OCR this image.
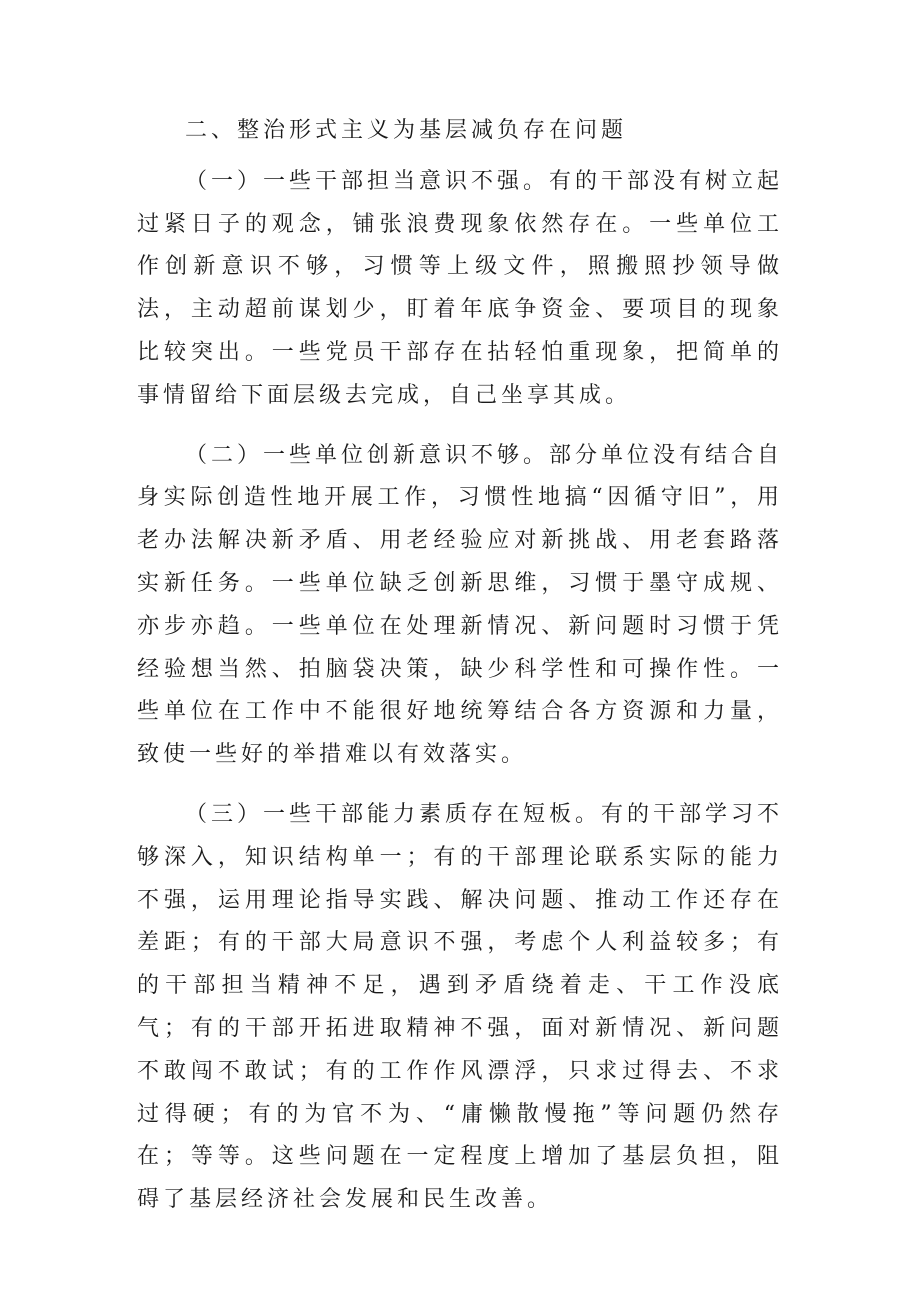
二、整治形式主义为基层减负存在问题

（一）一些干部担当意识不强。有的干部没有树立起过紧日子的观念，铺张浪费现象依然存在。一些单位工作创新意识不够，习惯等上级文件，照搬照抄领导做法，主动超前谋划少，盯着年底争资金、要项目的现象比较突出。一些党员干部存在拈轻怕重现象，把简单的事情留给下面层级去完成，自己坐享其成。

（二）一些单位创新意识不够。部分单位没有结合自身实际创造性地开展工作，习惯性地搞“因循守旧”，用老办法解决新矛盾、用老经验应对新挑战、用老套路落实新任务。一些单位缺乏创新思维，习惯于墨守成规、亦步亦趋。一些单位在处理新情况、新问题时习惯于凭经验想当然、拍脑袋决策，缺少科学性和可操作性。一些单位在工作中不能很好地统筹结合各方资源和力量，致使一些好的举措难以有效落实。

（三）一些干部能力素质存在短板。有的干部学习不够深入，知识结构单一；有的干部理论联系实际的能力不强，运用理论指导实践、解决问题、推动工作还存在差距；有的干部大局意识不强，考虑个人利益较多；有的干部担当精神不足，遇到矛盾绕着走、干工作没底气；有的干部开拓进取精神不强，面对新情况、新问题不敢闯不敢试；有的工作作风漂浮，只求过得去、不求过得硬；有的为官不为、“庸懒散慢拖”等问题仍然存在；等等。这些问题在一定程度上增加了基层负担，阻碍了基层经济社会发展和民生改善。
